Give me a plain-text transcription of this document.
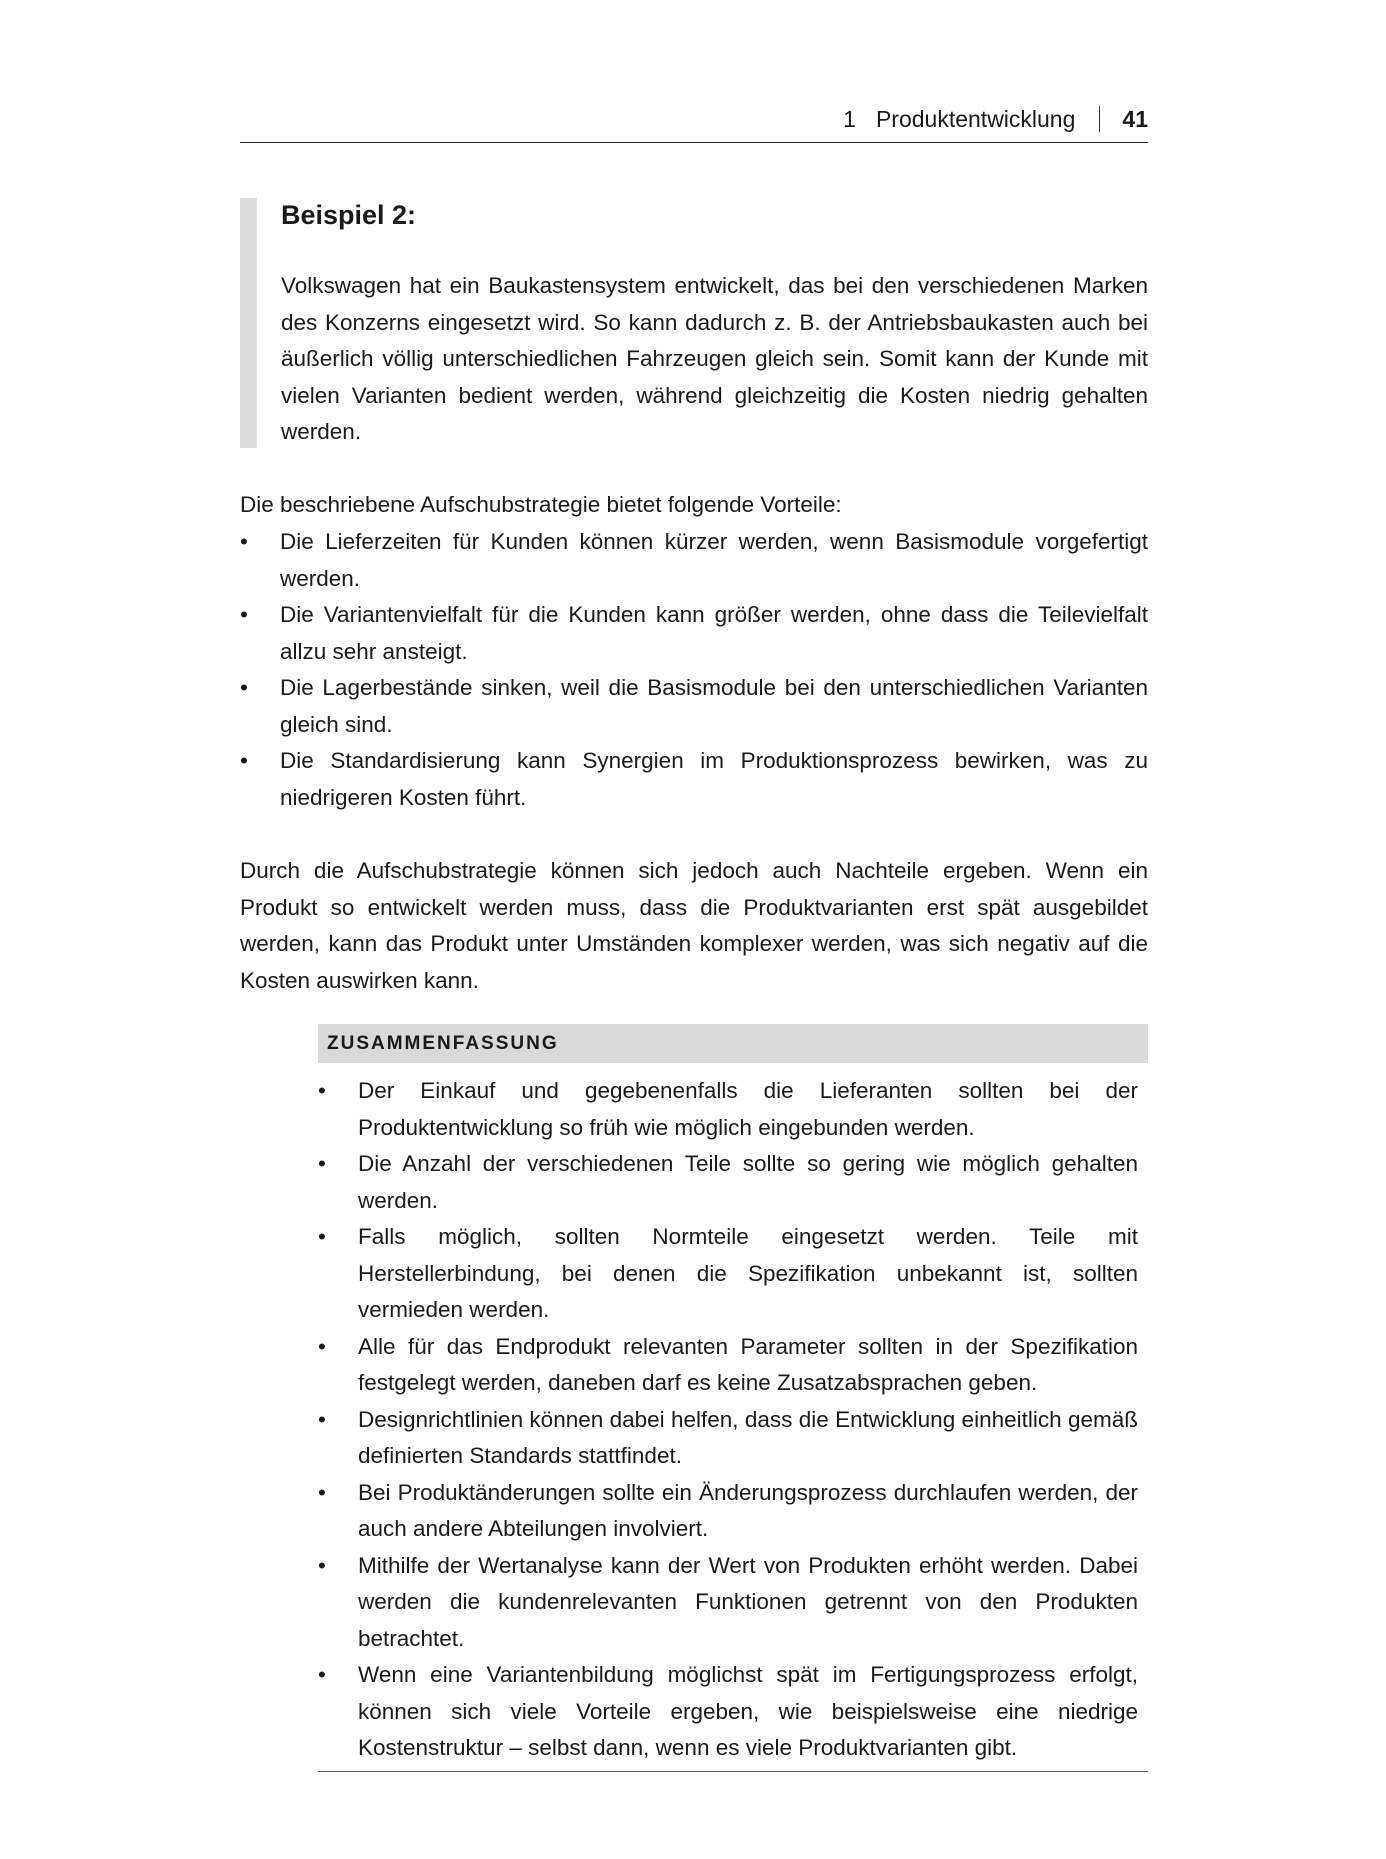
1 Produktentwicklung 41
Beispiel 2:
Volkswagen hat ein Baukastensystem entwickelt, das bei den verschiedenen Marken des Konzerns eingesetzt wird. So kann dadurch z. B. der Antriebsbaukasten auch bei äußerlich völlig unterschiedlichen Fahrzeugen gleich sein. Somit kann der Kunde mit vielen Varianten bedient werden, während gleichzeitig die Kosten niedrig gehalten werden.
Die beschriebene Aufschubstrategie bietet folgende Vorteile:
•	Die Lieferzeiten für Kunden können kürzer werden, wenn Basismodule vorgefertigt werden.
•	Die Variantenvielfalt für die Kunden kann größer werden, ohne dass die Teilevielfalt allzu sehr ansteigt.
•	Die Lagerbestände sinken, weil die Basismodule bei den unterschiedlichen Varianten gleich sind.
•	Die Standardisierung kann Synergien im Produktionsprozess bewirken, was zu niedrigeren Kosten führt.
Durch die Aufschubstrategie können sich jedoch auch Nachteile ergeben. Wenn ein Produkt so entwickelt werden muss, dass die Produktvarianten erst spät ausgebildet werden, kann das Produkt unter Umständen komplexer werden, was sich negativ auf die Kosten auswirken kann.
ZUSAMMENFASSUNG
•	Der Einkauf und gegebenenfalls die Lieferanten sollten bei der Produktentwicklung so früh wie möglich eingebunden werden.
•	Die Anzahl der verschiedenen Teile sollte so gering wie möglich gehalten werden.
•	Falls möglich, sollten Normteile eingesetzt werden. Teile mit Herstellerbindung, bei denen die Spezifikation unbekannt ist, sollten vermieden werden.
•	Alle für das Endprodukt relevanten Parameter sollten in der Spezifikation festgelegt werden, daneben darf es keine Zusatzabsprachen geben.
•	Designrichtlinien können dabei helfen, dass die Entwicklung einheitlich gemäß definierten Standards stattfindet.
•	Bei Produktänderungen sollte ein Änderungsprozess durchlaufen werden, der auch andere Abteilungen involviert.
•	Mithilfe der Wertanalyse kann der Wert von Produkten erhöht werden. Dabei werden die kundenrelevanten Funktionen getrennt von den Produkten betrachtet.
•	Wenn eine Variantenbildung möglichst spät im Fertigungsprozess erfolgt, können sich viele Vorteile ergeben, wie beispielsweise eine niedrige Kostenstruktur – selbst dann, wenn es viele Produktvarianten gibt.
